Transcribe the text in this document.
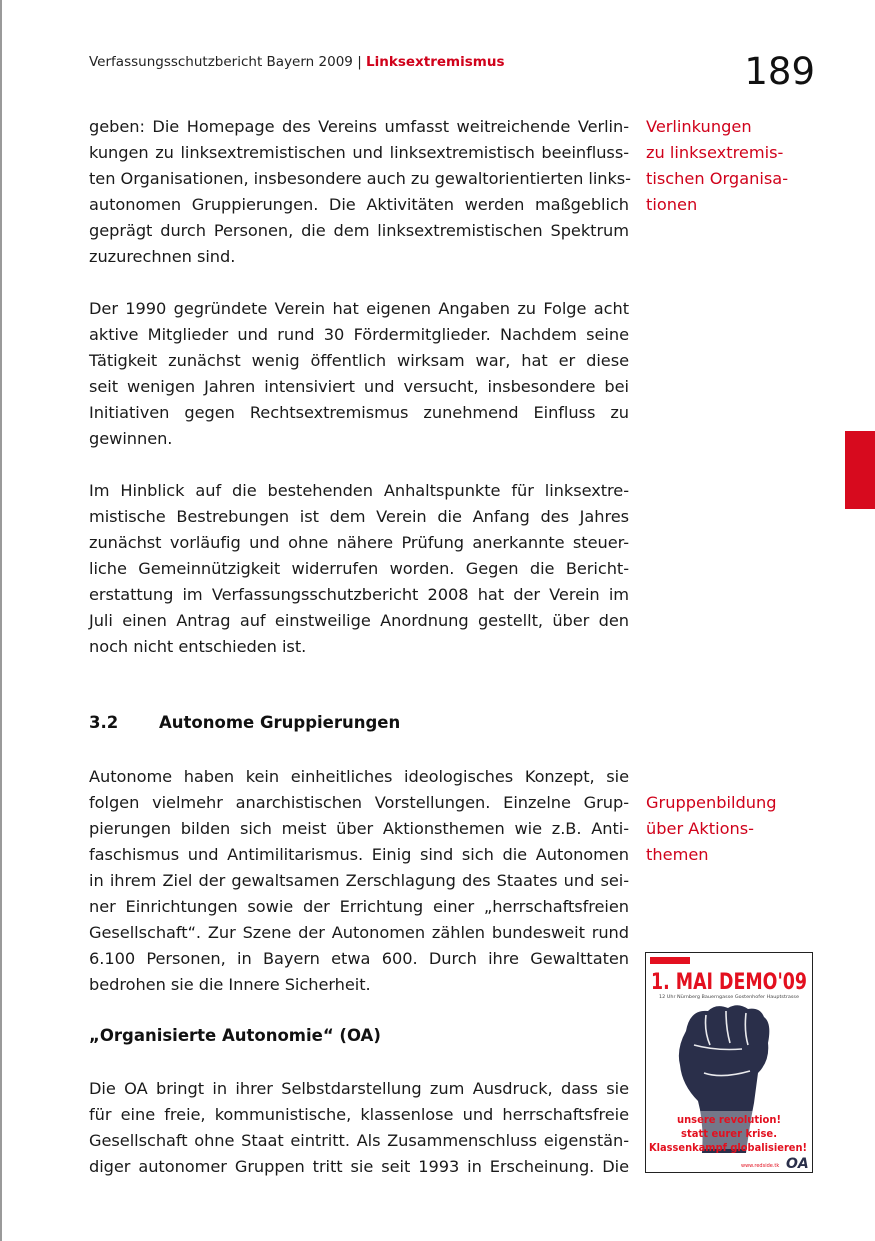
Verfassungsschutzbericht Bayern 2009 | Linksextremismus	189

geben: Die Homepage des Vereins umfasst weitreichende Verlin-
kungen zu linksextremistischen und linksextremistisch beeinfluss-
ten Organisationen, insbesondere auch zu gewaltorientierten links-
autonomen Gruppierungen. Die Aktivitäten werden maßgeblich
geprägt durch Personen, die dem linksextremistischen Spektrum
zuzurechnen sind.

Der 1990 gegründete Verein hat eigenen Angaben zu Folge acht
aktive Mitglieder und rund 30 Fördermitglieder. Nachdem seine
Tätigkeit zunächst wenig öffentlich wirksam war, hat er diese
seit wenigen Jahren intensiviert und versucht, insbesondere bei
Initiativen gegen Rechtsextremismus zunehmend Einfluss zu
gewinnen.

Im Hinblick auf die bestehenden Anhaltspunkte für linksextre-
mistische Bestrebungen ist dem Verein die Anfang des Jahres
zunächst vorläufig und ohne nähere Prüfung anerkannte steuer-
liche Gemeinnützigkeit widerrufen worden. Gegen die Bericht-
erstattung im Verfassungsschutzbericht 2008 hat der Verein im
Juli einen Antrag auf einstweilige Anordnung gestellt, über den
noch nicht entschieden ist.

3.2 Autonome Gruppierungen

Autonome haben kein einheitliches ideologisches Konzept, sie
folgen vielmehr anarchistischen Vorstellungen. Einzelne Grup-
pierungen bilden sich meist über Aktionsthemen wie z.B. Anti-
faschismus und Antimilitarismus. Einig sind sich die Autonomen
in ihrem Ziel der gewaltsamen Zerschlagung des Staates und sei-
ner Einrichtungen sowie der Errichtung einer „herrschaftsfreien
Gesellschaft“. Zur Szene der Autonomen zählen bundesweit rund
6.100 Personen, in Bayern etwa 600. Durch ihre Gewalttaten
bedrohen sie die Innere Sicherheit.

„Organisierte Autonomie“ (OA)

Die OA bringt in ihrer Selbstdarstellung zum Ausdruck, dass sie
für eine freie, kommunistische, klassenlose und herrschaftsfreie
Gesellschaft ohne Staat eintritt. Als Zusammenschluss eigenstän-
diger autonomer Gruppen tritt sie seit 1993 in Erscheinung. Die

Verlinkungen
zu linksextremis-
tischen Organisa-
tionen
Gruppenbildung
über Aktions-
themen
1. MAI DEMO'09
12 Uhr Nürnberg Bauerngasse Gostenhofer Hauptstrasse
unsere revolution!
statt eurer krise.
Klassenkampf globalisieren!
www.redside.tk OA
